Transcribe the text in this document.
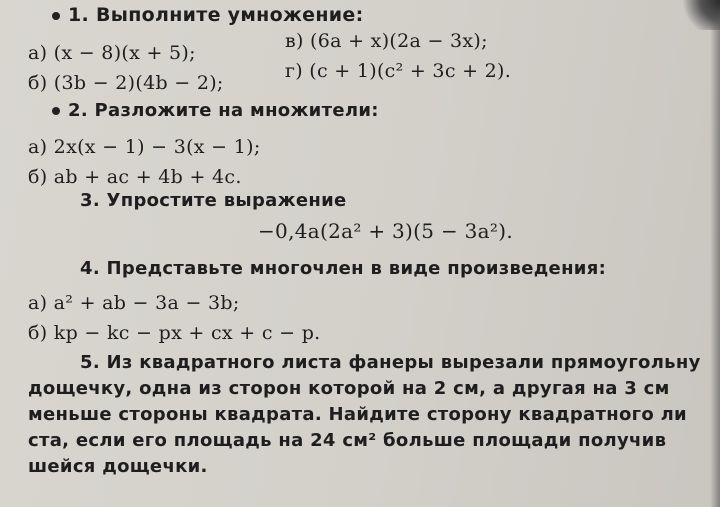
1. Выполните умножение:
а) (x − 8)(x + 5);
в) (6a + x)(2a − 3x);
б) (3b − 2)(4b − 2);
г) (c + 1)(c² + 3c + 2).
2. Разложите на множители:
а) 2x(x − 1) − 3(x − 1);
б) ab + ac + 4b + 4c.
3. Упростите выражение
−0,4a(2a² + 3)(5 − 3a²).
4. Представьте многочлен в виде произведения:
а) a² + ab − 3a − 3b;
б) kp − kc − px + cx + c − p.
5. Из квадратного листа фанеры вырезали прямоугольну
дощечку, одна из сторон которой на 2 см, а другая на 3 см
меньше стороны квадрата. Найдите сторону квадратного ли
ста, если его площадь на 24 см² больше площади получив
шейся дощечки.
